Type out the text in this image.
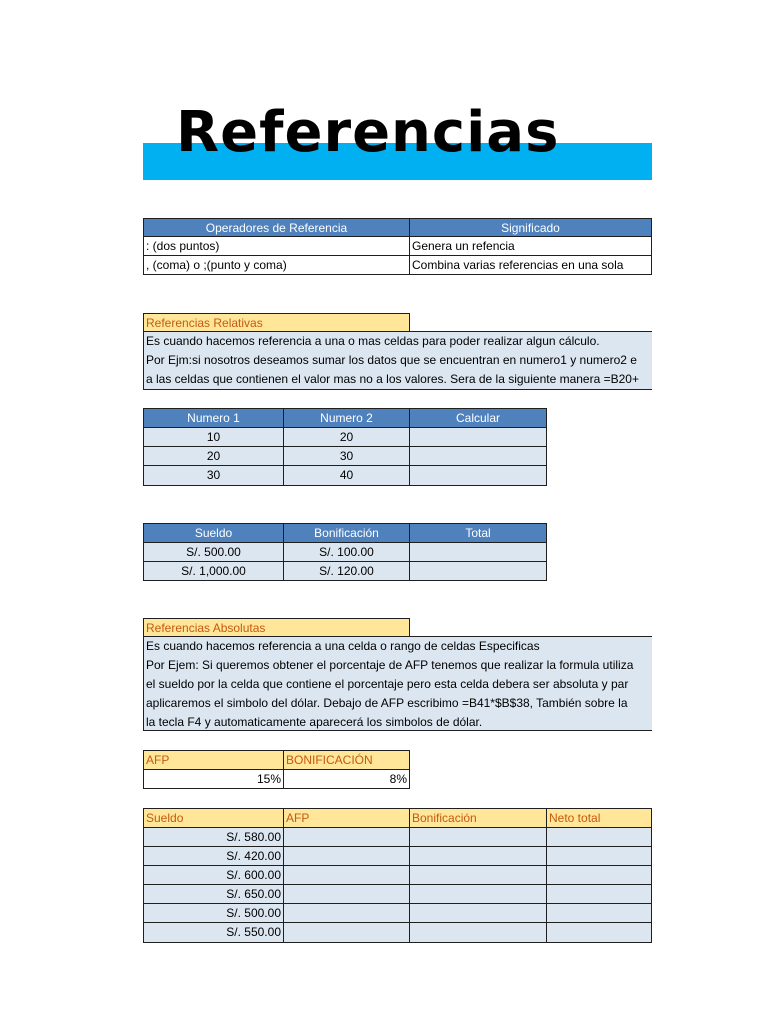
Referencias
Operadores de Referencia	Significado
: (dos puntos)	Genera un refencia
, (coma) o ;(punto y coma)	Combina varias referencias en una sola
Referencias Relativas
Es cuando hacemos referencia a una o mas celdas para poder realizar algun cálculo.
Por Ejm:si nosotros deseamos sumar los datos que se encuentran en numero1 y numero2 e
a las celdas que contienen el valor mas no a los valores. Sera de la siguiente manera =B20+
Numero 1	Numero 2	Calcular
10	20
20	30
30	40
Sueldo	Bonificación	Total
S/. 500.00	S/. 100.00
S/. 1,000.00	S/. 120.00
Referencias Absolutas
Es cuando hacemos referencia a una celda o rango de celdas Especificas
Por Ejem: Si queremos obtener el porcentaje de AFP tenemos que realizar la formula utiliza
el sueldo por la celda que contiene el porcentaje pero esta celda debera ser absoluta y par
aplicaremos el simbolo del dólar. Debajo de AFP escribimo =B41*$B$38, También sobre la
la tecla F4 y automaticamente aparecerá los simbolos de dólar.
AFP	BONIFICACIÓN
15%	8%
Sueldo	AFP	Bonificación	Neto total
S/. 580.00
S/. 420.00
S/. 600.00
S/. 650.00
S/. 500.00
S/. 550.00
